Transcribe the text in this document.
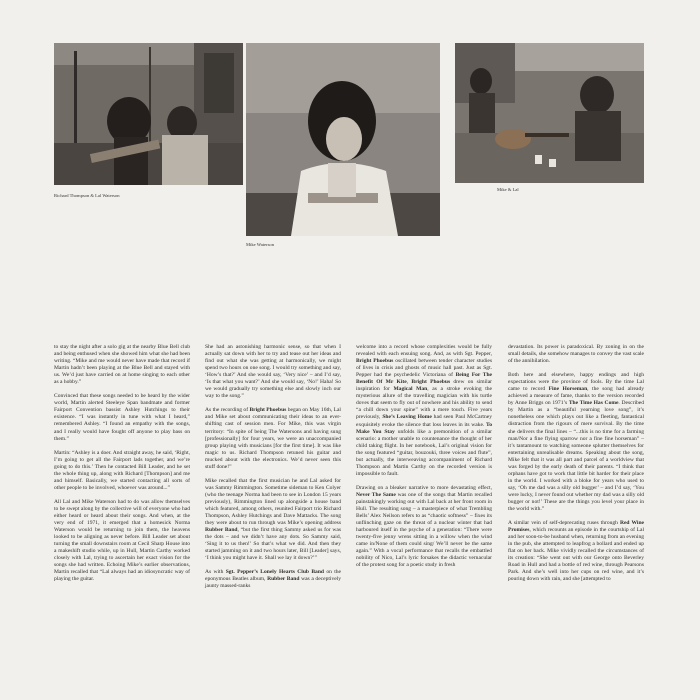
Richard Thompson & Lal Waterson
Mike Waterson
Mike & Lal

to stay the night after a solo gig at the nearby Blue Bell club and being enthused when she showed him what she had been writing. “Mike and me would never have made that record if Martin hadn’t been playing at the Blue Bell and stayed with us. We’d just have carried on at home singing to each other as a hobby.”

Convinced that these songs needed to be heard by the wider world, Martin alerted Steeleye Span bandmate and former Fairport Convention bassist Ashley Hutchings to their existence. “I was instantly in tune with what I heard,” remembered Ashley. “I found an empathy with the songs, and I really would have fought off anyone to play bass on them.”

Martin: “Ashley is a doer. And straight away, he said, ‘Right, I’m going to get all the Fairport lads together, and we’re going to do this.’ Then he contacted Bill Leader, and he set the whole thing up, along with Richard [Thompson] and me and himself. Basically, we started contacting all sorts of other people to be involved, whoever was around...”

All Lal and Mike Waterson had to do was allow themselves to be swept along by the collective will of everyone who had either heard or heard about their songs. And when, at the very end of 1971, it emerged that a homesick Norma Waterson would be returning to join them, the heavens looked to be aligning as never before. Bill Leader set about turning the small downstairs room at Cecil Sharp House into a makeshift studio while, up in Hull, Martin Carthy worked closely with Lal, trying to ascertain her exact vision for the songs she had written. Echoing Mike’s earlier observations, Martin recalled that “Lal always had an idiosyncratic way of playing the guitar.

She had an astonishing harmonic sense, so that when I actually sat down with her to try and tease out her ideas and find out what she was getting at harmonically, we might spend two hours on one song. I would try something and say, ‘How’s that?’ And she would say, ‘Very nice’ – and I’d say, ‘Is that what you want?’ And she would say, ‘No!’ Haha! So we would gradually try something else and slowly inch our way to the song.”

As the recording of Bright Phoebus began on May 16th, Lal and Mike set about communicating their ideas to an ever-shifting cast of session men. For Mike, this was virgin territory: “In spite of being The Watersons and having sung [professionally] for four years, we were an unaccompanied group playing with musicians [for the first time]. It was like magic to us. Richard Thompson retuned his guitar and mucked about with the electronics. We’d never seen this stuff done!”

Mike recalled that the first musician he and Lal asked for was Sammy Rimmington. Sometime sideman to Ken Colyer (who the teenage Norma had been to see in London 15 years previously), Rimmington lined up alongside a house band which featured, among others, reunited Fairport trio Richard Thompson, Ashley Hutchings and Dave Mattacks. The song they were about to run through was Mike’s opening address Rubber Band, “but the first thing Sammy asked us for was the dots – and we didn’t have any dots. So Sammy said, ‘Sing it to us then!’ So that’s what we did. And then they started jamming on it and two hours later, Bill [Leader] says, ‘I think you might have it. Shall we lay it down?’”

As with Sgt. Pepper’s Lonely Hearts Club Band on the eponymous Beatles album, Rubber Band was a deceptively jaunty massed-ranks

welcome into a record whose complexities would be fully revealed with each ensuing song. And, as with Sgt. Pepper, Bright Phoebus oscillated between tender character studies of lives in crisis and ghosts of music hall past. Just as Sgt. Pepper had the psychedelic Victoriana of Being For The Benefit Of Mr Kite, Bright Phoebus drew on similar inspiration for Magical Man, as a stroke evoking the mysterious allure of the travelling magician with his turtle doves that seem to fly out of nowhere and his ability to send “a chill down your spine” with a mere touch. Five years previously, She’s Leaving Home had seen Paul McCartney exquisitely evoke the silence that loss leaves in its wake. To Make You Stay unfolds like a premonition of a similar scenario: a mother unable to countenance the thought of her child taking flight. In her notebook, Lal’s original vision for the song featured “guitar, bouzouki, three voices and flute”, but actually, the interweaving accompaniment of Richard Thompson and Martin Carthy on the recorded version is impossible to fault.

Drawing on a bleaker narrative to more devastating effect, Never The Same was one of the songs that Martin recalled painstakingly working out with Lal back at her front room in Hull. The resulting song – a masterpiece of what Trembling Bells’ Alex Neilson refers to as “chaotic softness” – fixes its unflinching gaze on the threat of a nuclear winter that had harboured itself in the psyche of a generation: “There were twenty-five jenny wrens sitting in a willow when the wind came in/None of them could sing/ We’ll never be the same again.” With a vocal performance that recalls the embattled nobility of Nico, Lal’s lyric forsakes the didactic vernacular of the protest song for a poetic study in fresh

devastation. Its power is paradoxical. By zoning in on the small details, she somehow manages to convey the vast scale of the annihilation.

Both here and elsewhere, happy endings and high expectations were the province of fools. By the time Lal came to record Fine Horseman, the song had already achieved a measure of fame, thanks to the version recorded by Anne Briggs on 1971’s The Time Has Come. Described by Martin as a “beautiful yearning love song”, it’s nonetheless one which plays out like a fleeting, fantastical distraction from the rigours of mere survival. By the time she delivers the final lines – “...this is no time for a farming man/Nor a fine flying sparrow nor a fine fine horseman” – it’s tantamount to watching someone splutter themselves for entertaining unrealisable dreams. Speaking about the song, Mike felt that it was all part and parcel of a worldview that was forged by the early death of their parents. “I think that orphans have got to work that little bit harder for their place in the world. I worked with a bloke for years who used to say, ‘Oh me dad was a silly old bugger’ – and I’d say, ‘You were lucky, I never found out whether my dad was a silly old bugger or not!’ These are the things you level your place in the world with.”

A similar vein of self-deprecating ruses through Red Wine Promises, which recounts an episode in the courtship of Lal and her soon-to-be husband when, returning from an evening in the pub, she attempted to leapfrog a bollard and ended up flat on her back. Mike vividly recalled the circumstances of its creation: “She went out with our George onto Beverley Road in Hull and had a bottle of red wine, through Pearsons Park. And she’s well into her cups on red wine, and it’s pouring down with rain, and she [attempted to
